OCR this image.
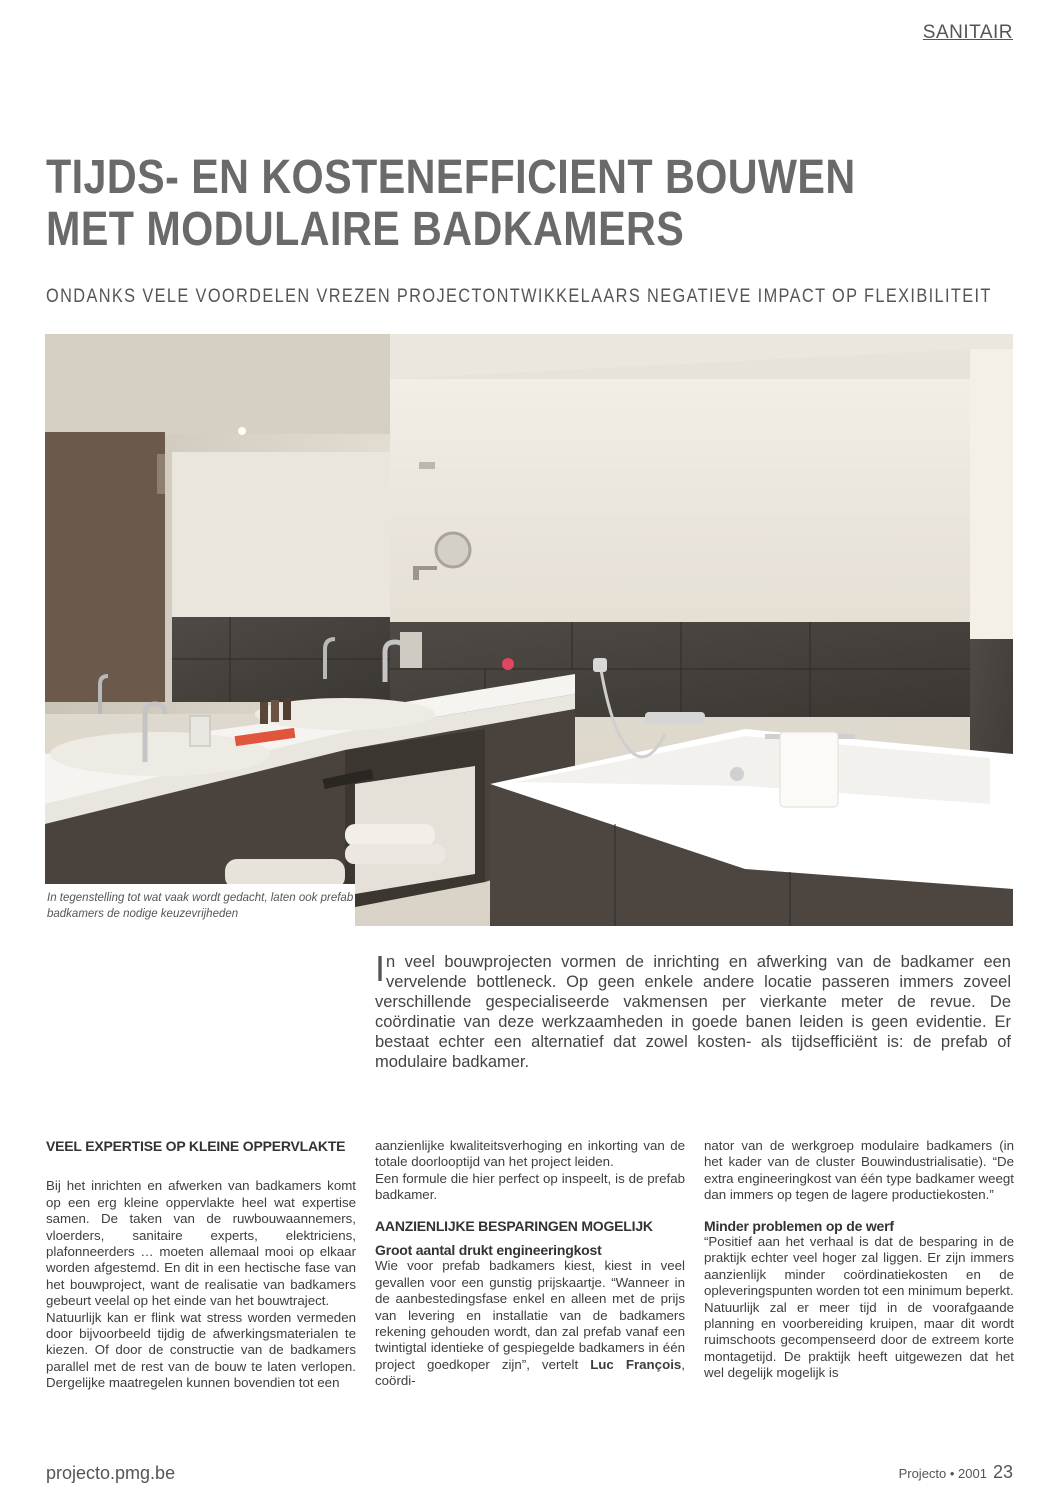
SANITAIR
TIJDS- EN KOSTENEFFICIENT BOUWEN
MET MODULAIRE BADKAMERS
ONDANKS VELE VOORDELEN VREZEN PROJECTONTWIKKELAARS NEGATIEVE IMPACT OP FLEXIBILITEIT
In tegenstelling tot wat vaak wordt gedacht, laten ook prefab badkamers de nodige keuzevrijheden
In veel bouwprojecten vormen de inrichting en afwerking van de badkamer een vervelende bottleneck. Op geen enkele andere locatie passeren immers zoveel verschillende gespecialiseerde vakmensen per vierkante meter de revue. De coördinatie van deze werkzaamheden in goede banen leiden is geen evidentie. Er bestaat echter een alternatief dat zowel kosten- als tijdsefficiënt is: de prefab of modulaire badkamer.
VEEL EXPERTISE OP KLEINE OPPERVLAKTE

Bij het inrichten en afwerken van badkamers komt op een erg kleine oppervlakte heel wat expertise samen. De taken van de ruwbouwaannemers, vloerders, sanitaire experts, elektriciens, plafonneerders … moeten allemaal mooi op elkaar worden afgestemd. En dit in een hectische fase van het bouwproject, want de realisatie van badkamers gebeurt veelal op het einde van het bouwtraject.

Natuurlijk kan er flink wat stress worden vermeden door bijvoorbeeld tijdig de afwerkingsmaterialen te kiezen. Of door de constructie van de badkamers parallel met de rest van de bouw te laten verlopen. Dergelijke maatregelen kunnen bovendien tot een

aanzienlijke kwaliteitsverhoging en inkorting van de totale doorlooptijd van het project leiden.

Een formule die hier perfect op inspeelt, is de prefab badkamer.

AANZIENLIJKE BESPARINGEN MOGELIJK
Groot aantal drukt engineeringkost

Wie voor prefab badkamers kiest, kiest in veel gevallen voor een gunstig prijskaartje. “Wanneer in de aanbestedingsfase enkel en alleen met de prijs van levering en installatie van de badkamers rekening gehouden wordt, dan zal prefab vanaf een twintigtal identieke of gespiegelde badkamers in één project goedkoper zijn”, vertelt Luc François, coördi-

nator van de werkgroep modulaire badkamers (in het kader van de cluster Bouwindustrialisatie). “De extra engineeringkost van één type badkamer weegt dan immers op tegen de lagere productiekosten.”

Minder problemen op de werf

“Positief aan het verhaal is dat de besparing in de praktijk echter veel hoger zal liggen. Er zijn immers aanzienlijk minder coördinatiekosten en de opleveringspunten worden tot een minimum beperkt.

Natuurlijk zal er meer tijd in de voorafgaande planning en voorbereiding kruipen, maar dit wordt ruimschoots gecompenseerd door de extreem korte montagetijd. De praktijk heeft uitgewezen dat het wel degelijk mogelijk is

projecto.pmg.be	Projecto • 2001 23
